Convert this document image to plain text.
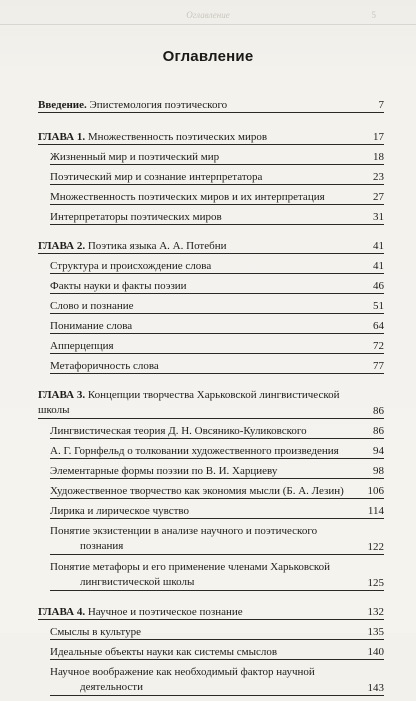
Оглавление	5
Оглавление
Введение. Эпистемология поэтического	7
ГЛАВА 1. Множественность поэтических миров	17
Жизненный мир и поэтический мир	18
Поэтический мир и сознание интерпретатора	23
Множественность поэтических миров и их интерпретация	27
Интерпретаторы поэтических миров	31
ГЛАВА 2. Поэтика языка А. А. Потебни	41
Структура и происхождение слова	41
Факты науки и факты поэзии	46
Слово и познание	51
Понимание слова	64
Апперцепция	72
Метафоричность слова	77
ГЛАВА 3. Концепции творчества Харьковской лингвистической
школы	86
Лингвистическая теория Д. Н. Овсянико-Куликовского	86
А. Г. Горнфельд о толковании художественного произведения	94
Элементарные формы поэзии по В. И. Харциеву	98
Художественное творчество как экономия мысли (Б. А. Лезин)	106
Лирика и лирическое чувство	114
Понятие экзистенции в анализе научного и поэтического
познания	122
Понятие метафоры и его применение членами Харьковской
лингвистической школы	125
ГЛАВА 4. Научное и поэтическое познание	132
Смыслы в культуре	135
Идеальные объекты науки как системы смыслов	140
Научное воображение как необходимый фактор научной
деятельности	143
